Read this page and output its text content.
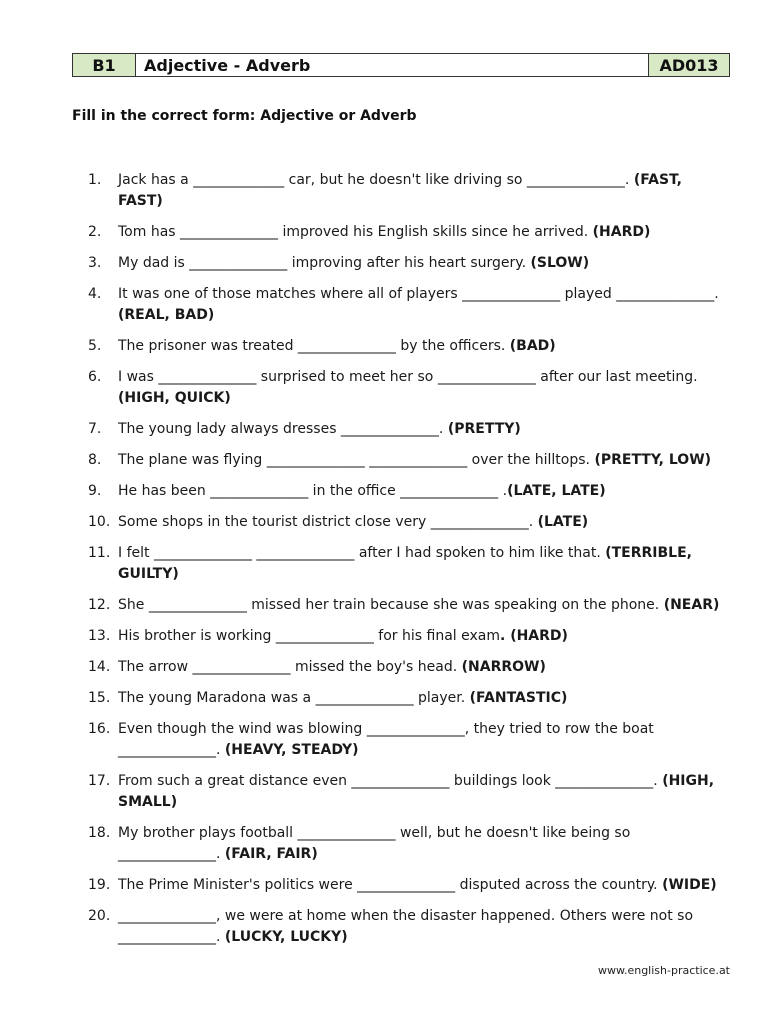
B1	Adjective - Adverb	AD013
Fill in the correct form: Adjective or Adverb
1.	Jack has a _____________ car, but he doesn't like driving so ______________. (FAST, FAST)
2.	Tom has ______________ improved his English skills since he arrived. (HARD)
3.	My dad is ______________ improving after his heart surgery. (SLOW)
4.	It was one of those matches where all of players ______________ played ______________. (REAL, BAD)
5.	The prisoner was treated ______________ by the officers. (BAD)
6.	I was ______________ surprised to meet her so ______________ after our last meeting. (HIGH, QUICK)
7.	The young lady always dresses ______________. (PRETTY)
8.	The plane was flying ______________ ______________ over the hilltops. (PRETTY, LOW)
9.	He has been ______________ in the office ______________ .(LATE, LATE)
10. Some shops in the tourist district close very ______________. (LATE)
11. I felt ______________ ______________ after I had spoken to him like that. (TERRIBLE, GUILTY)
12. She ______________ missed her train because she was speaking on the phone. (NEAR)
13. His brother is working ______________ for his final exam. (HARD)
14. The arrow ______________ missed the boy's head. (NARROW)
15. The young Maradona was a ______________ player. (FANTASTIC)
16. Even though the wind was blowing ______________, they tried to row the boat ______________. (HEAVY, STEADY)
17. From such a great distance even ______________ buildings look ______________. (HIGH, SMALL)
18. My brother plays football ______________ well, but he doesn't like being so ______________. (FAIR, FAIR)
19. The Prime Minister's politics were ______________ disputed across the country. (WIDE)
20. ______________, we were at home when the disaster happened. Others were not so ______________. (LUCKY, LUCKY)
www.english-practice.at
